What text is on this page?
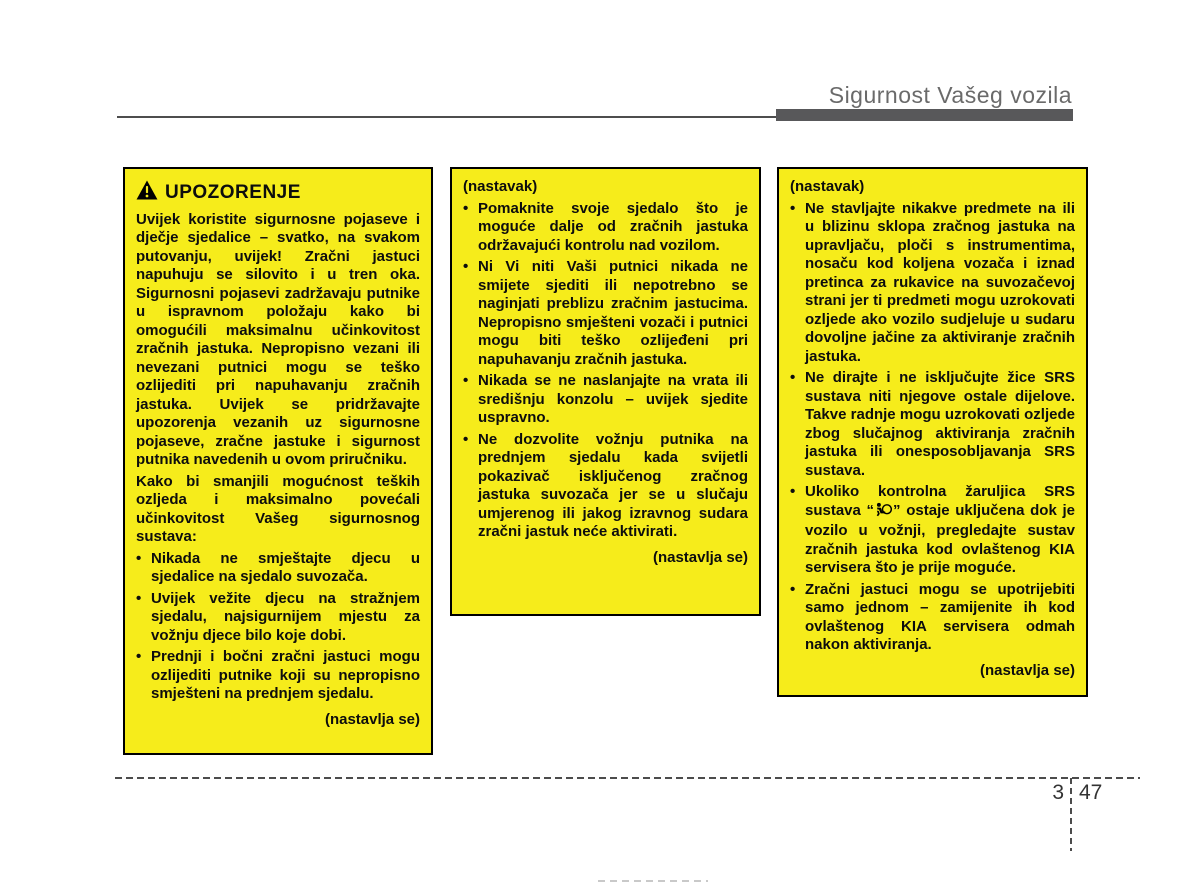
Sigurnost Vašeg vozila
UPOZORENJE
Uvijek koristite sigurnosne pojaseve i dječje sjedalice – svatko, na svakom putovanju, uvijek! Zračni jastuci napuhuju se silovito i u tren oka. Sigurnosni pojasevi zadržavaju putnike u ispravnom položaju kako bi omogućili maksimalnu učinkovitost zračnih jastuka. Nepropisno vezani ili nevezani putnici mogu se teško ozlijediti pri napuhavanju zračnih jastuka. Uvijek se pridržavajte upozorenja vezanih uz sigurnosne pojaseve, zračne jastuke i sigurnost putnika navedenih u ovom priručniku.
Kako bi smanjili mogućnost teških ozljeda i maksimalno povećali učinkovitost Vašeg sigurnosnog sustava:
• Nikada ne smještajte djecu u sjedalice na sjedalo suvozača.
• Uvijek vežite djecu na stražnjem sjedalu, najsigurnijem mjestu za vožnju djece bilo koje dobi.
• Prednji i bočni zračni jastuci mogu ozlijediti putnike koji su nepropisno smješteni na prednjem sjedalu.
(nastavlja se)
(nastavak)
• Pomaknite svoje sjedalo što je moguće dalje od zračnih jastuka održavajući kontrolu nad vozilom.
• Ni Vi niti Vaši putnici nikada ne smijete sjediti ili nepotrebno se naginjati preblizu zračnim jastucima. Nepropisno smješteni vozači i putnici mogu biti teško ozlijeđeni pri napuhavanju zračnih jastuka.
• Nikada se ne naslanjajte na vrata ili središnju konzolu – uvijek sjedite uspravno.
• Ne dozvolite vožnju putnika na prednjem sjedalu kada svijetli pokazivač isključenog zračnog jastuka suvozača jer se u slučaju umjerenog ili jakog izravnog sudara zračni jastuk neće aktivirati.
(nastavlja se)
(nastavak)
• Ne stavljajte nikakve predmete na ili u blizinu sklopa zračnog jastuka na upravljaču, ploči s instrumentima, nosaču kod koljena vozača i iznad pretinca za rukavice na suvozačevoj strani jer ti predmeti mogu uzrokovati ozljede ako vozilo sudjeluje u sudaru dovoljne jačine za aktiviranje zračnih jastuka.
• Ne dirajte i ne isključujte žice SRS sustava niti njegove ostale dijelove. Takve radnje mogu uzrokovati ozljede zbog slučajnog aktiviranja zračnih jastuka ili onesposobljavanja SRS sustava.
• Ukoliko kontrolna žaruljica SRS sustava “ ” ostaje uključena dok je vozilo u vožnji, pregledajte sustav zračnih jastuka kod ovlaštenog KIA servisera što je prije moguće.
• Zračni jastuci mogu se upotrijebiti samo jednom – zamijenite ih kod ovlaštenog KIA servisera odmah nakon aktiviranja.
(nastavlja se)
3 47
